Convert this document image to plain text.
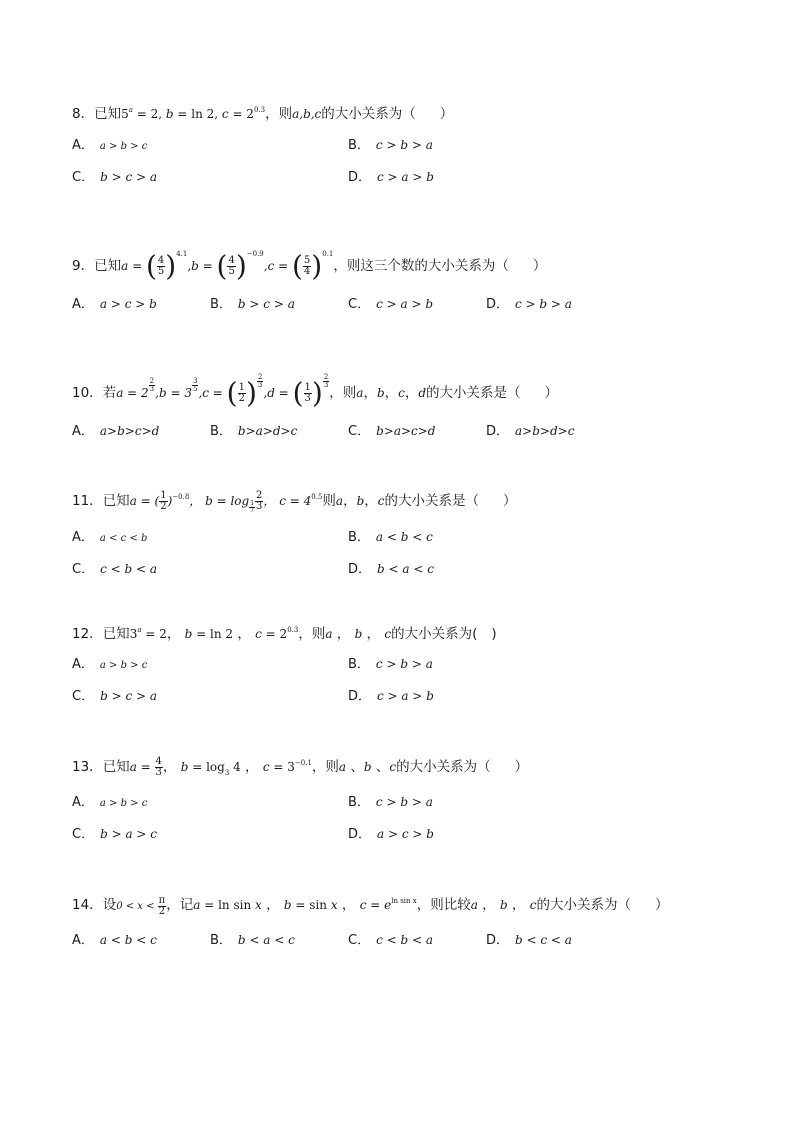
8．已知$5^a = 2$, b = ln 2, $c = 2^{0.3}$，则a,b,c的大小关系为（ ）
A． a > b > c	B． c > b > a
C． b > c > a	D． c > a > b
9．已知a = ( $\frac{4}{5} )^{4.1},b$ = ( $\frac{4}{5} )^{-0.9},c$ = ( $\frac{5}{4} )^{0.1}$，则这三个数的大小关系为（ ）
A． a > c > b	B． b > c > a	C． c > a > b	D． c > b > a
10．若a = 2
$^{\frac{2}{3}}$
,b = 3
$^{\frac{3}{5}}$
,c = ( $\frac{1}{2}$ ) $^{\frac{2}{3}}$
,d = ( $\frac{1}{3}$ ) $^{\frac{2}{3}}$
，则a，b，c，d的大小关系是（ ）
A． a>b>c>d	B． b>a>d>c	C． b>a>c>d	D． a>b>d>c
11．已知a = ( $\frac{1}{2} )^{-0.8}$， $b = \log _{\frac{1}{7}} \frac{2}{3}$ ， $c = 4^{0.5}$则a，b，c的大小关系是（ ）
A． a < c < b	B． a < b < c
C． c < b < a	D． b < a < c
12．已知$3^a = 2$， b = ln 2 ， $c = 2^{0.3}$，则a ， b ， c的大小关系为( )
A． a > b > c	B． c > b > a
C． b > c > a	D． c > a > b
13．已知$a = \frac{4}{3}$ ， $b = \log_3 4$ ， $c = 3^{-0.1}$，则a 、b 、c的大小关系为（ ）
A． a > b > c	B． c > b > a
C． b > a > c	D． a > c > b
14．设$0 < x < \frac{\pi}{2}$ ，记a = ln sin x ， b = sin x ， $c = e^{ln sin x}$，则比较a ， b ， c的大小关系为（ ）
A． a < b < c	B． b < a < c	C． c < b < a	D． b < c < a
